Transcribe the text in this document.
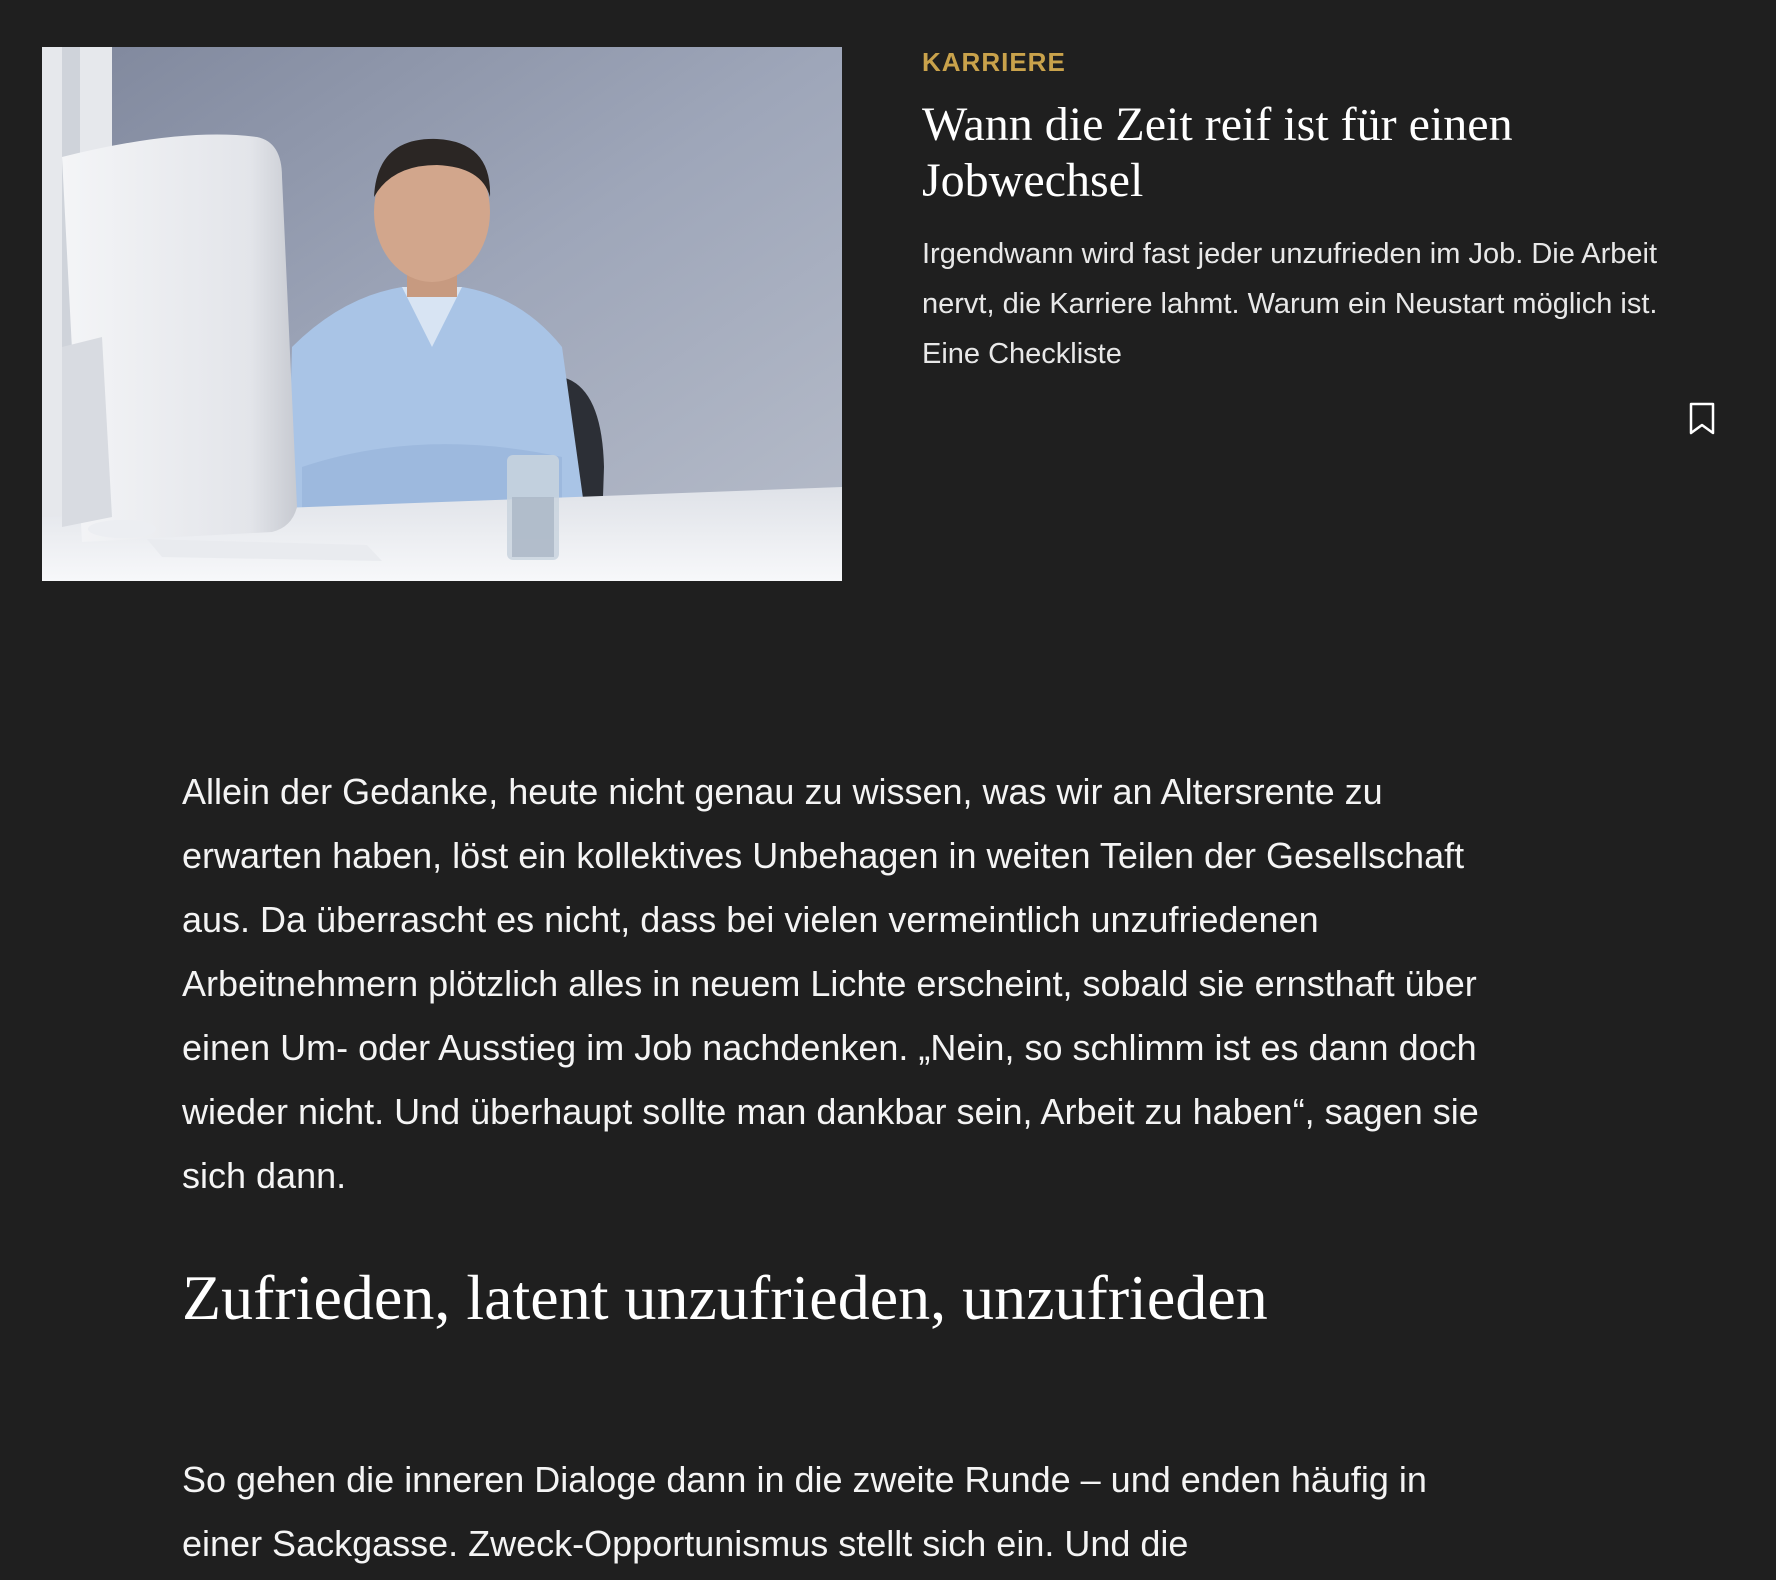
KARRIERE

Wann die Zeit reif ist für einen Jobwechsel

Irgendwann wird fast jeder unzufrieden im Job. Die Arbeit nervt, die Karriere lahmt. Warum ein Neustart möglich ist. Eine Checkliste

Allein der Gedanke, heute nicht genau zu wissen, was wir an Altersrente zu erwarten haben, löst ein kollektives Unbehagen in weiten Teilen der Gesellschaft aus. Da überrascht es nicht, dass bei vielen vermeintlich unzufriedenen Arbeitnehmern plötzlich alles in neuem Lichte erscheint, sobald sie ernsthaft über einen Um- oder Ausstieg im Job nachdenken. „Nein, so schlimm ist es dann doch wieder nicht. Und überhaupt sollte man dankbar sein, Arbeit zu haben“, sagen sie sich dann.

Zufrieden, latent unzufrieden, unzufrieden

So gehen die inneren Dialoge dann in die zweite Runde – und enden häufig in einer Sackgasse. Zweck-Opportunismus stellt sich ein. Und die
